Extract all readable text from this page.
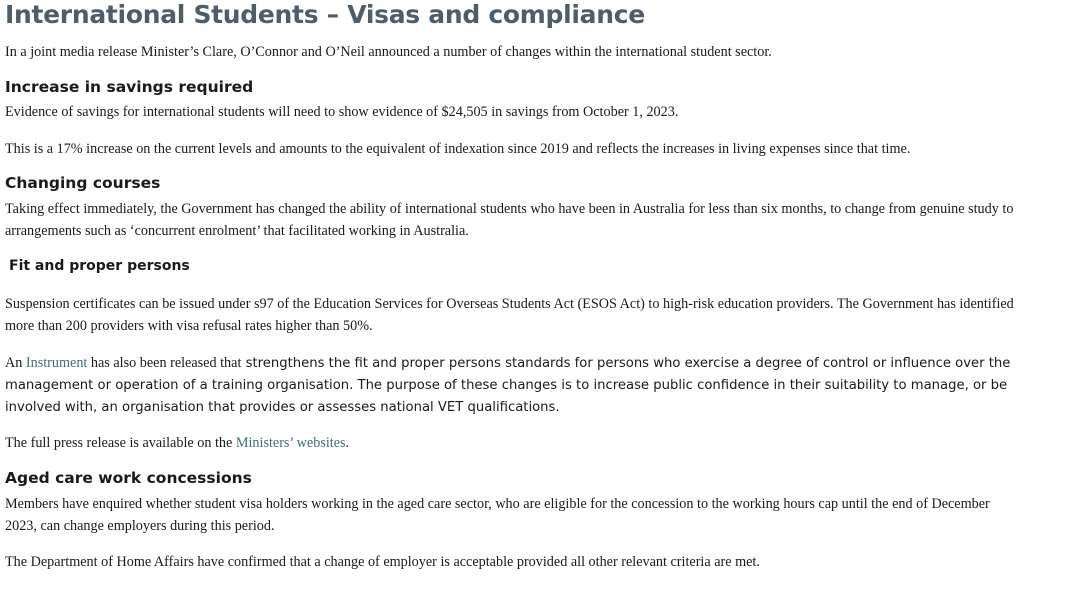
International Students – Visas and compliance

In a joint media release Minister’s Clare, O’Connor and O’Neil announced a number of changes within the international student sector.

Increase in savings required

Evidence of savings for international students will need to show evidence of $24,505 in savings from October 1, 2023.

This is a 17% increase on the current levels and amounts to the equivalent of indexation since 2019 and reflects the increases in living expenses since that time.

Changing courses
Taking effect immediately, the Government has changed the ability of international students who have been in Australia for less than six months, to change from genuine study to
arrangements such as ‘concurrent enrolment’ that facilitated working in Australia.
Fit and proper persons
Suspension certificates can be issued under s97 of the Education Services for Overseas Students Act (ESOS Act) to high-risk education providers. The Government has identified
more than 200 providers with visa refusal rates higher than 50%.
An Instrument has also been released that strengthens the fit and proper persons standards for persons who exercise a degree of control or influence over the
management or operation of a training organisation. The purpose of these changes is to increase public confidence in their suitability to manage, or be
involved with, an organisation that provides or assesses national VET qualifications.

The full press release is available on the Ministers’ websites.

Aged care work concessions
Members have enquired whether student visa holders working in the aged care sector, who are eligible for the concession to the working hours cap until the end of December
2023, can change employers during this period.

The Department of Home Affairs have confirmed that a change of employer is acceptable provided all other relevant criteria are met.
